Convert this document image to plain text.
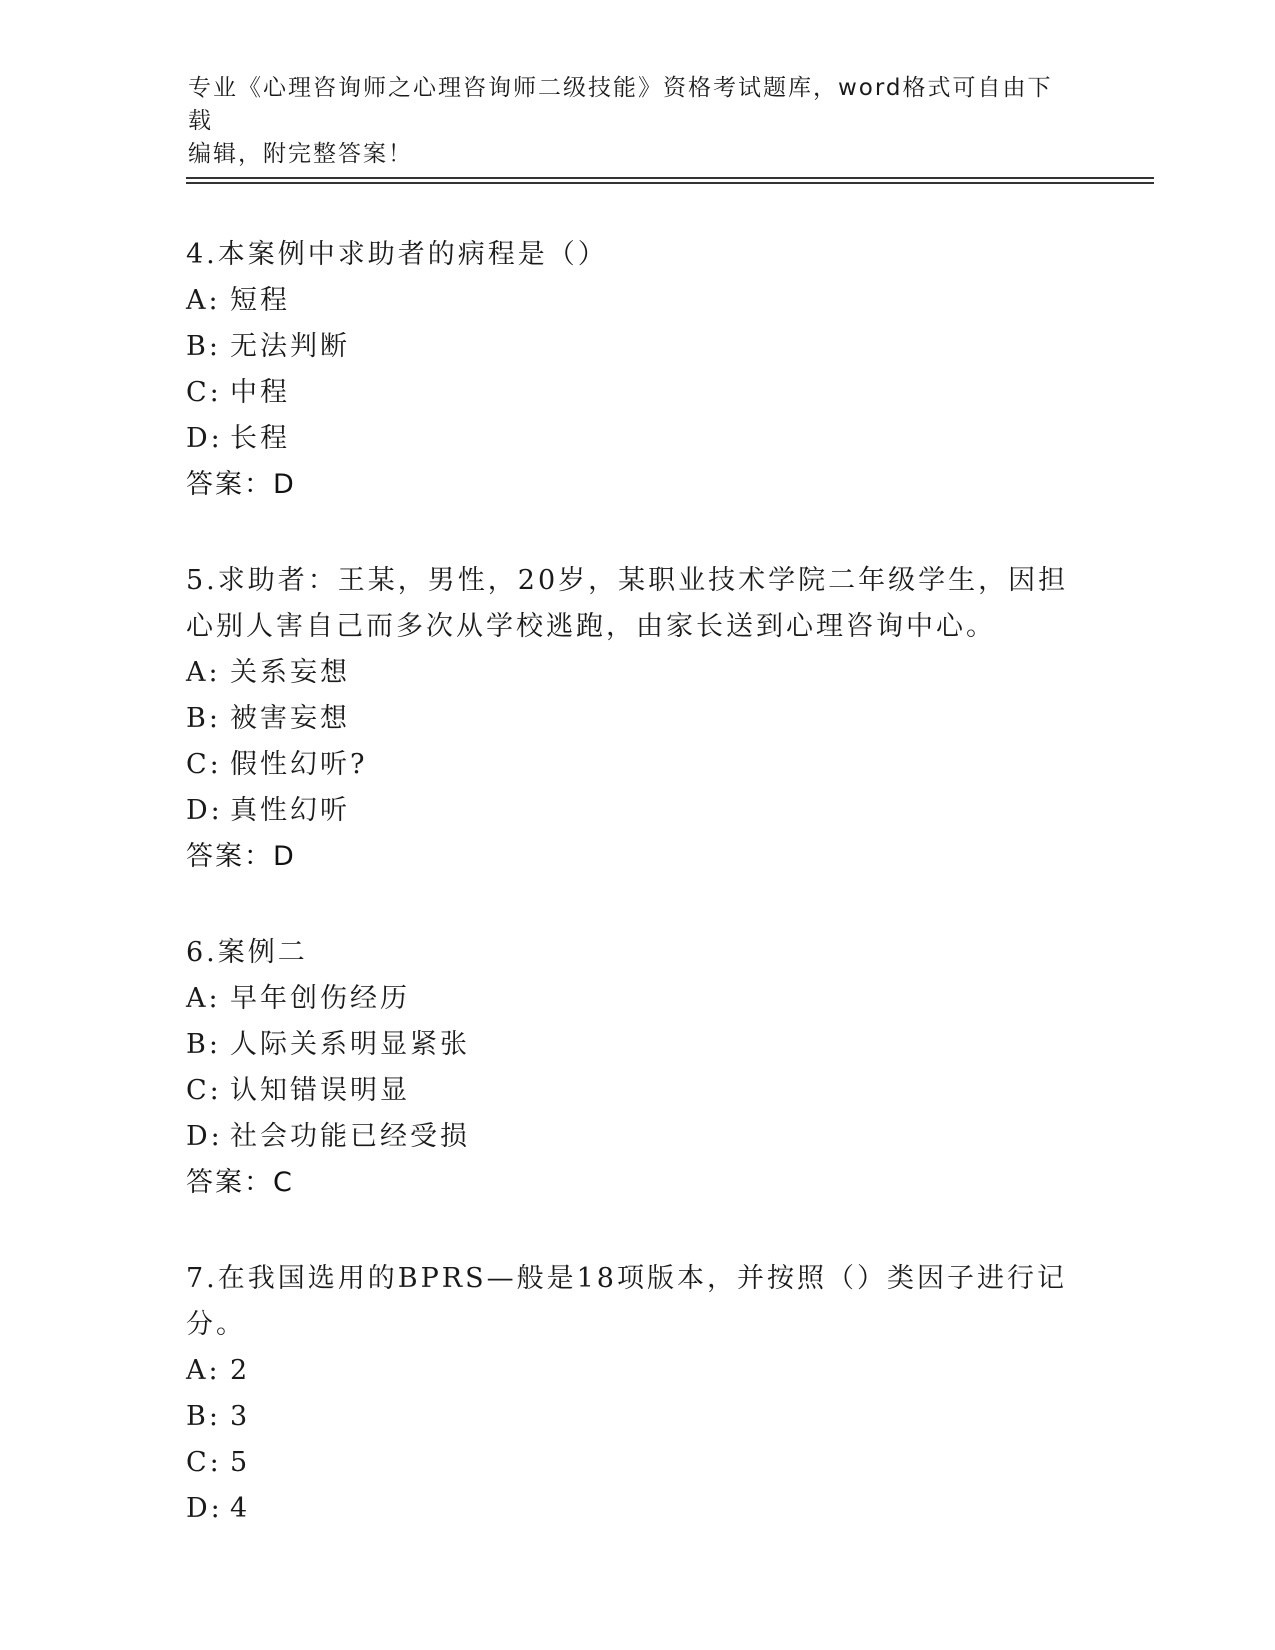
专业《心理咨询师之心理咨询师二级技能》资格考试题库，word格式可自由下载
编辑，附完整答案！
4.本案例中求助者的病程是（）
A: 短程
B: 无法判断
C: 中程
D: 长程
答案：D
5.求助者：王某，男性，20岁，某职业技术学院二年级学生，因担心别人害自己而多次从学校逃跑，由家长送到心理咨询中心。
A: 关系妄想
B: 被害妄想
C: 假性幻听?
D: 真性幻听
答案：D
6.案例二
A: 早年创伤经历
B: 人际关系明显紧张
C: 认知错误明显
D: 社会功能已经受损
答案：C
7.在我国选用的BPRS—般是18项版本，并按照（）类因子进行记分。
A: 2
B: 3
C: 5
D: 4
